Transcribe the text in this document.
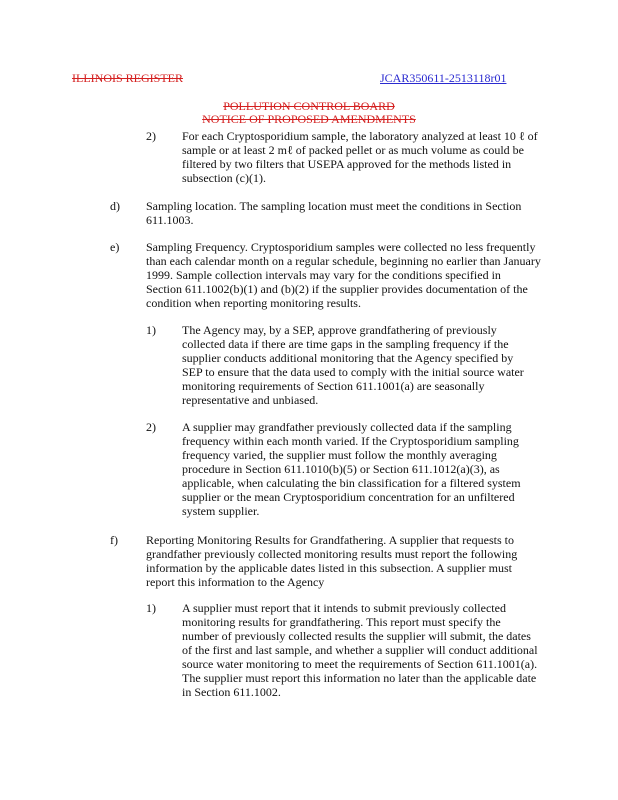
ILLINOIS REGISTER	JCAR350611-2513118r01
POLLUTION CONTROL BOARD
NOTICE OF PROPOSED AMENDMENTS
2) For each Cryptosporidium sample, the laboratory analyzed at least 10 ℓ of
sample or at least 2 mℓ of packed pellet or as much volume as could be
filtered by two filters that USEPA approved for the methods listed in
subsection (c)(1).
d) Sampling location. The sampling location must meet the conditions in Section
611.1003.
e) Sampling Frequency. Cryptosporidium samples were collected no less frequently
than each calendar month on a regular schedule, beginning no earlier than January
1999. Sample collection intervals may vary for the conditions specified in
Section 611.1002(b)(1) and (b)(2) if the supplier provides documentation of the
condition when reporting monitoring results.
1) The Agency may, by a SEP, approve grandfathering of previously
collected data if there are time gaps in the sampling frequency if the
supplier conducts additional monitoring that the Agency specified by
SEP to ensure that the data used to comply with the initial source water
monitoring requirements of Section 611.1001(a) are seasonally
representative and unbiased.
2) A supplier may grandfather previously collected data if the sampling
frequency within each month varied. If the Cryptosporidium sampling
frequency varied, the supplier must follow the monthly averaging
procedure in Section 611.1010(b)(5) or Section 611.1012(a)(3), as
applicable, when calculating the bin classification for a filtered system
supplier or the mean Cryptosporidium concentration for an unfiltered
system supplier.
f) Reporting Monitoring Results for Grandfathering. A supplier that requests to
grandfather previously collected monitoring results must report the following
information by the applicable dates listed in this subsection. A supplier must
report this information to the Agency
1) A supplier must report that it intends to submit previously collected
monitoring results for grandfathering. This report must specify the
number of previously collected results the supplier will submit, the dates
of the first and last sample, and whether a supplier will conduct additional
source water monitoring to meet the requirements of Section 611.1001(a).
The supplier must report this information no later than the applicable date
in Section 611.1002.
